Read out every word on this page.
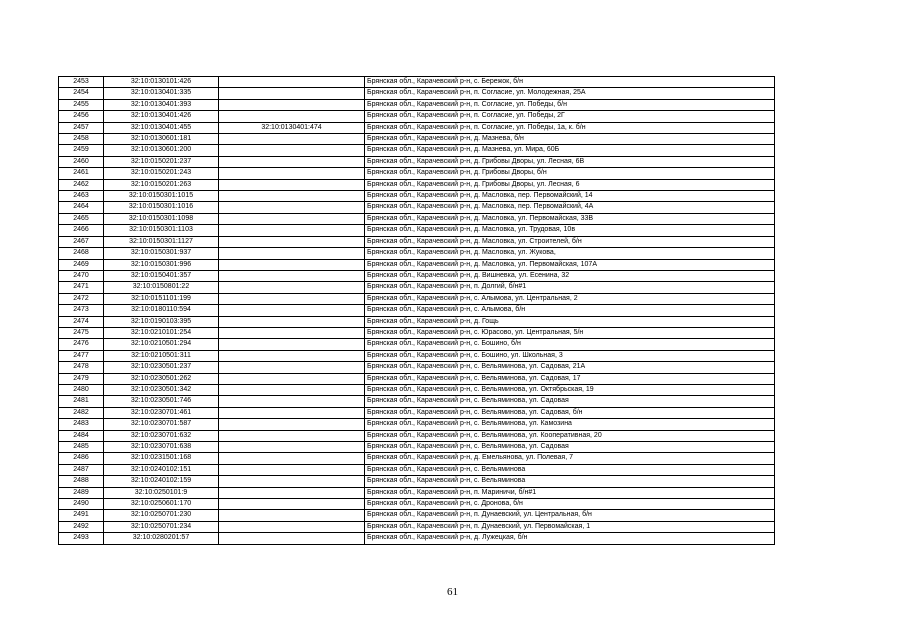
2453	32:10:0130101:426		Брянская обл., Карачевский р-н, с. Бережок, б/н
2454	32:10:0130401:335		Брянская обл., Карачевский р-н, п. Согласие, ул. Молодежная, 25А
2455	32:10:0130401:393		Брянская обл., Карачевский р-н, п. Согласие, ул. Победы, б/н
2456	32:10:0130401:426		Брянская обл., Карачевский р-н, п. Согласие, ул. Победы, 2Г
2457	32:10:0130401:455	32:10:0130401:474	Брянская обл., Карачевский р-н, п. Согласие, ул. Победы, 1а, к. б/н
2458	32:10:0130601:181		Брянская обл., Карачевский р-н, д. Мазнева, б/н
2459	32:10:0130601:200		Брянская обл., Карачевский р-н, д. Мазнева, ул. Мира, 60Б
2460	32:10:0150201:237		Брянская обл., Карачевский р-н, д. Грибовы Дворы, ул. Лесная, 6В
2461	32:10:0150201:243		Брянская обл., Карачевский р-н, д. Грибовы Дворы, б/н
2462	32:10:0150201:263		Брянская обл., Карачевский р-н, д. Грибовы Дворы, ул. Лесная, 6
2463	32:10:0150301:1015		Брянская обл., Карачевский р-н, д. Масловка, пер. Первомайский, 14
2464	32:10:0150301:1016		Брянская обл., Карачевский р-н, д. Масловка, пер. Первомайский, 4А
2465	32:10:0150301:1098		Брянская обл., Карачевский р-н, д. Масловка, ул. Первомайская, 33В
2466	32:10:0150301:1103		Брянская обл., Карачевский р-н, д. Масловка, ул. Трудовая, 10в
2467	32:10:0150301:1127		Брянская обл., Карачевский р-н, д. Масловка, ул. Строителей, б/н
2468	32:10:0150301:937		Брянская обл., Карачевский р-н, д. Масловка, ул. Жукова,
2469	32:10:0150301:996		Брянская обл., Карачевский р-н, д. Масловка, ул. Первомайская, 107А
2470	32:10:0150401:357		Брянская обл., Карачевский р-н, д. Вишневка, ул. Есенина, 32
2471	32:10:0150801:22		Брянская обл., Карачевский р-н, п. Долгий, б/н#1
2472	32:10:0151101:199		Брянская обл., Карачевский р-н, с. Алымова, ул. Центральная, 2
2473	32:10:0180110:594		Брянская обл., Карачевский р-н, с. Алымова, б/н
2474	32:10:0190103:395		Брянская обл., Карачевский р-н, д. Гощь
2475	32:10:0210101:254		Брянская обл., Карачевский р-н, с. Юрасово, ул. Центральная, 5/н
2476	32:10:0210501:294		Брянская обл., Карачевский р-н, с. Бошино, б/н
2477	32:10:0210501:311		Брянская обл., Карачевский р-н, с. Бошино, ул. Школьная, 3
2478	32:10:0230501:237		Брянская обл., Карачевский р-н, с. Вельяминова, ул. Садовая, 21А
2479	32:10:0230501:262		Брянская обл., Карачевский р-н, с. Вельяминова, ул. Садовая, 17
2480	32:10:0230501:342		Брянская обл., Карачевский р-н, с. Вельяминова, ул. Октябрьская, 19
2481	32:10:0230501:746		Брянская обл., Карачевский р-н, с. Вельяминова, ул. Садовая
2482	32:10:0230701:461		Брянская обл., Карачевский р-н, с. Вельяминова, ул. Садовая, б/н
2483	32:10:0230701:587		Брянская обл., Карачевский р-н, с. Вельяминова, ул. Камозина
2484	32:10:0230701:632		Брянская обл., Карачевский р-н, с. Вельяминова, ул. Кооперативная, 20
2485	32:10:0230701:638		Брянская обл., Карачевский р-н, с. Вельяминова, ул. Садовая
2486	32:10:0231501:168		Брянская обл., Карачевский р-н, д. Емельянова, ул. Полевая, 7
2487	32:10:0240102:151		Брянская обл., Карачевский р-н, с. Вельяминова
2488	32:10:0240102:159		Брянская обл., Карачевский р-н, с. Вельяминова
2489	32:10:0250101:9		Брянская обл., Карачевский р-н, п. Мариничи, б/н#1
2490	32:10:0250601:170		Брянская обл., Карачевский р-н, с. Дронова, б/н
2491	32:10:0250701:230		Брянская обл., Карачевский р-н, п. Дунаевский, ул. Центральная, б/н
2492	32:10:0250701:234		Брянская обл., Карачевский р-н, п. Дунаевский, ул. Первомайская, 1
2493	32:10:0280201:57		Брянская обл., Карачевский р-н, д. Лужецкая, б/н
61
